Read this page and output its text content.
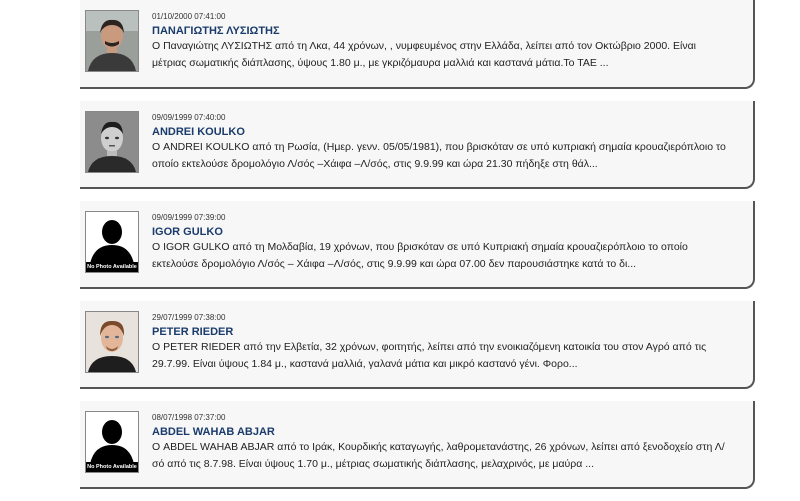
01/10/2000 07:41:00
ΠΑΝΑΓΙΩΤΗΣ ΛΥΣΙΩΤΗΣ
Ο Παναγιώτης ΛΥΣΙΩΤΗΣ από τη Λκα, 44 χρόνων, , νυμφευμένος στην Ελλάδα, λείπει από τον Οκτώβριο 2000. Είναι
μέτριας σωματικής διάπλασης, ύψους 1.80 μ., με γκριζόμαυρα μαλλιά και καστανά μάτια.Το ΤΑΕ ...
09/09/1999 07:40:00
ANDREI KOULKO
Ο ANDREI KOULKO από τη Ρωσία, (Ημερ. γενν. 05/05/1981), που βρισκόταν σε υπό κυπριακή σημαία κρουαζιερόπλοιο το
οποίο εκτελούσε δρομολόγιο Λ/σός –Χάιφα –Λ/σός, στις 9.9.99 και ώρα 21.30 πήδηξε στη θάλ...
No Photo Available
09/09/1999 07:39:00
IGOR GULKO
Ο IGOR GULKO από τη Μολδαβία, 19 χρόνων, που βρισκόταν σε υπό Κυπριακή σημαία κρουαζιερόπλοιο το οποίο
εκτελούσε δρομολόγιο Λ/σός – Χάιφα –Λ/σός, στις 9.9.99 και ώρα 07.00 δεν παρουσιάστηκε κατά το δι...
29/07/1999 07:38:00
PETER RIEDER
Ο PETER RIEDER από την Ελβετία, 32 χρόνων, φοιτητής, λείπει από την ενοικιαζόμενη κατοικία του στον Αγρό από τις
29.7.99. Είναι ύψους 1.84 μ., καστανά μαλλιά, γαλανά μάτια και μικρό καστανό γένι. Φορο...
No Photo Available
08/07/1998 07:37:00
ABDEL WAHAB ABJAR
Ο ABDEL WAHAB ABJAR από το Ιράκ, Κουρδικής καταγωγής, λαθρομετανάστης, 26 χρόνων, λείπει από ξενοδοχείο στη Λ/
σό από τις 8.7.98. Είναι ύψους 1.70 μ., μέτριας σωματικής διάπλασης, μελαχρινός, με μαύρα ...
